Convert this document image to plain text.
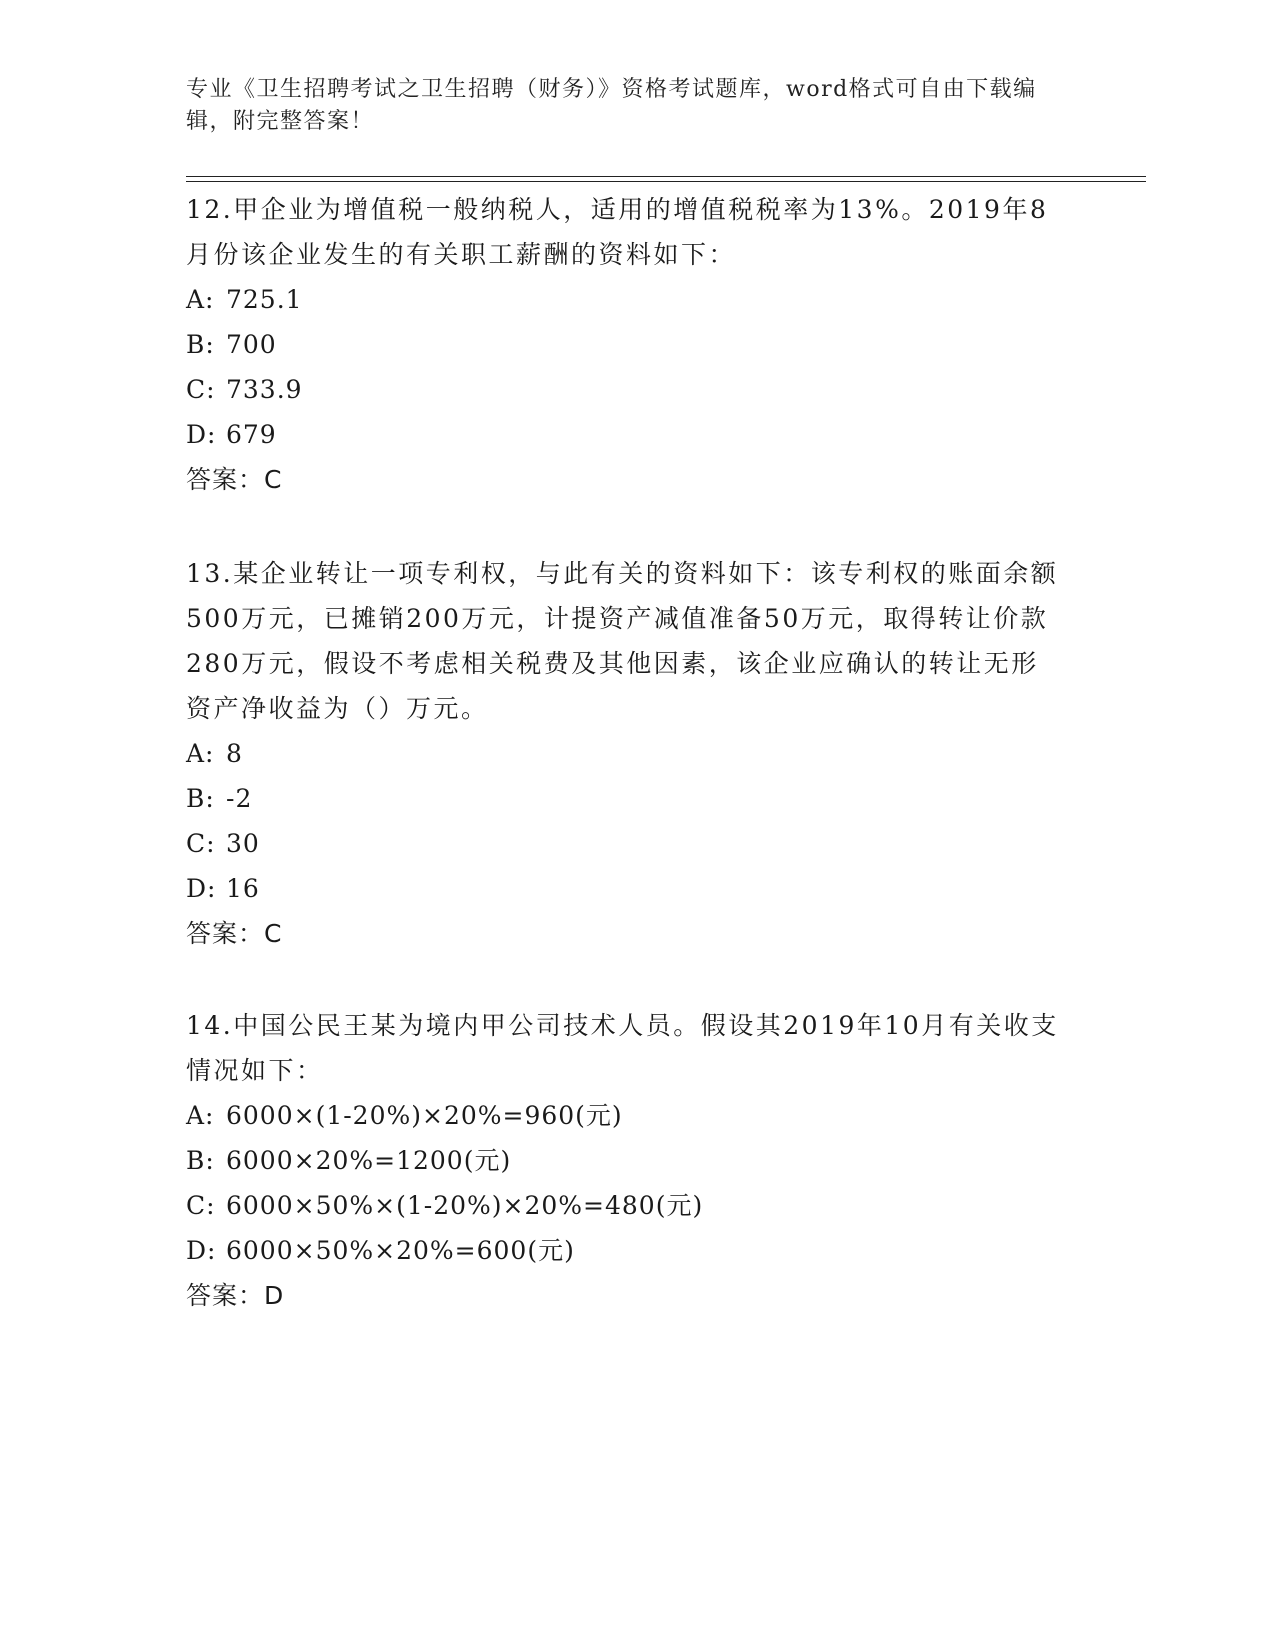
专业《卫生招聘考试之卫生招聘（财务）》资格考试题库，word格式可自由下载编辑，附完整答案！

12.甲企业为增值税一般纳税人，适用的增值税税率为13%。2019年8月份该企业发生的有关职工薪酬的资料如下：

A: 725.1

B: 700

C: 733.9

D: 679

答案：C

13.某企业转让一项专利权，与此有关的资料如下：该专利权的账面余额500万元，已摊销200万元，计提资产减值准备50万元，取得转让价款280万元，假设不考虑相关税费及其他因素，该企业应确认的转让无形资产净收益为（）万元。

A: 8

B: -2

C: 30

D: 16

答案：C

14.中国公民王某为境内甲公司技术人员。假设其2019年10月有关收支情况如下：

A: 6000×(1-20%)×20%=960(元)

B: 6000×20%=1200(元)

C: 6000×50%×(1-20%)×20%=480(元)

D: 6000×50%×20%=600(元)

答案：D
